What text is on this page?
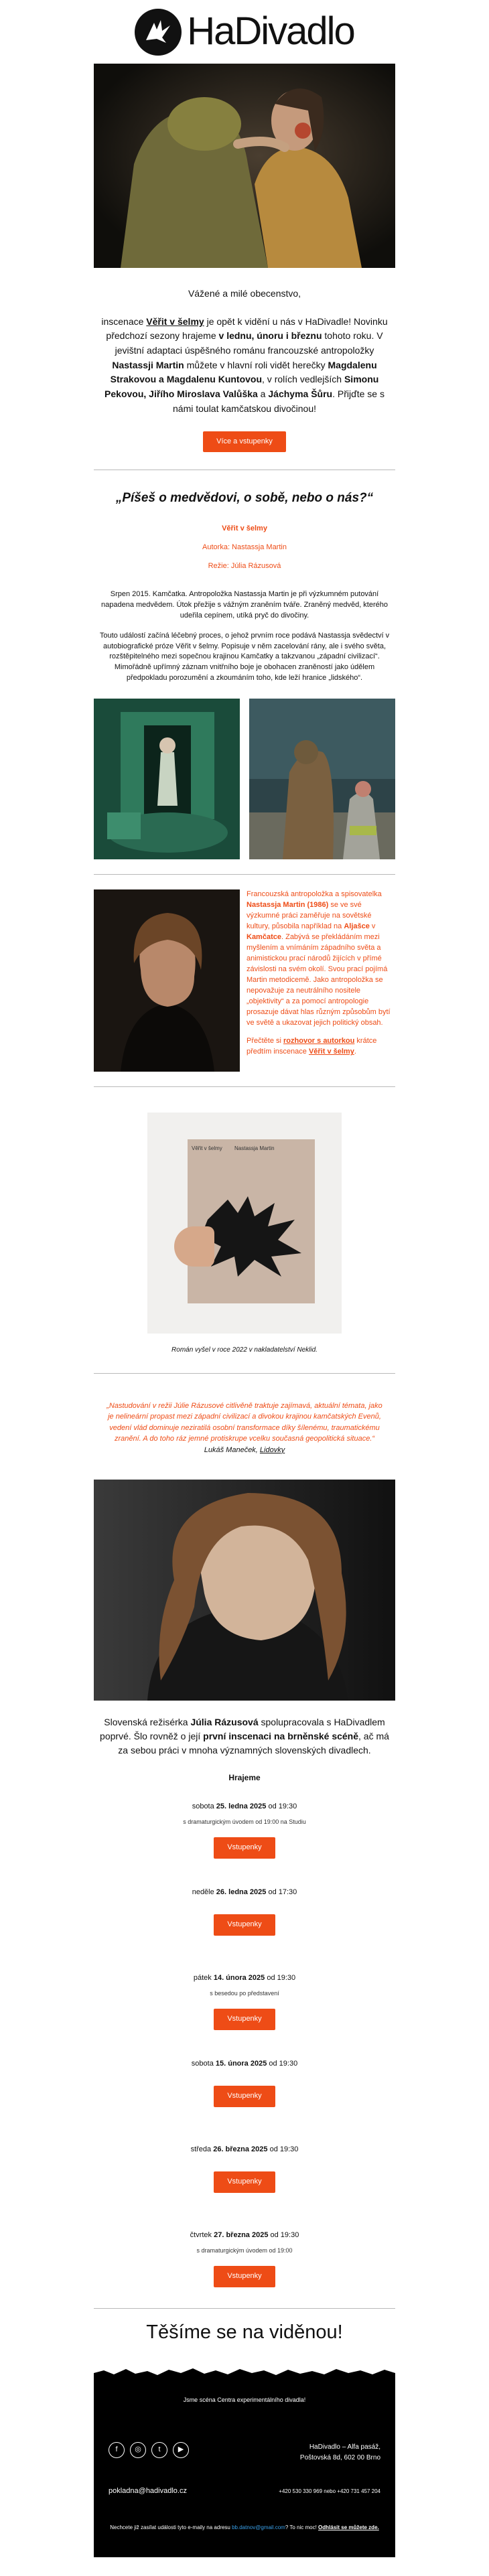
HaDivadlo

Vážené a milé obecenstvo,

inscenace Věřit v šelmy je opět k vidění u nás v HaDivadle! Novinku předchozí sezony hrajeme v lednu, únoru i březnu tohoto roku. V jevištní adaptaci úspěšného románu francouzské antropoložky Nastassji Martin můžete v hlavní roli vidět herečky Magdalenu Strakovou a Magdalenu Kuntovou, v rolích vedlejších Simonu Pekovou, Jiřího Miroslava Valůška a Jáchyma Šůru. Přijďte se s námi toulat kamčatskou divočinou!

Více a vstupenky
„Píšeš o medvědovi, o sobě, nebo o nás?“
Věřit v šelmy
Autorka: Nastassja Martin
Režie: Júlia Rázusová

Srpen 2015. Kamčatka. Antropoložka Nastassja Martin je při výzkumném putování napadena medvědem. Útok přežije s vážným zraněním tváře. Zraněný medvěd, kterého udeřila cepínem, utíká pryč do divočiny.

Touto událostí začíná léčebný proces, o jehož prvním roce podává Nastassja svědectví v autobiografické próze Věřit v šelmy. Popisuje v něm zacelování rány, ale i svého světa, rozštěpitelného mezi sopečnou krajinou Kamčatky a takzvanou „západní civilizací“. Mimořádně upřímný záznam vnitřního boje je obohacen zraněností jako údělem předpokladu porozumění a zkoumáním toho, kde leží hranice „lidského“.

Francouzská antropoložka a spisovatelka Nastassja Martin (1986) se ve své výzkumné práci zaměřuje na sovětské kultury, působila například na Aljašce v Kamčatce. Zabývá se překládáním mezi myšlením a vnímáním západního světa a animistickou prací národů žijících v přímé závislosti na svém okolí. Svou prací pojímá Martin metodicemě. Jako antropoložka se nepovažuje za neutrálního nositele „objektivity“ a za pomocí antropologie prosazuje dávat hlas různým způsobům bytí ve světě a ukazovat jejich politický obsah.

Přečtěte si rozhovor s autorkou krátce předtím inscenace Věřit v šelmy.

Věřit v šelmy Nastassja Martin
Román vyšel v roce 2022 v nakladatelství Neklid.
„Nastudování v režii Júlie Rázusové citlivěně traktuje zajímavá, aktuální témata, jako je nelineární propast mezi západní civilizací a divokou krajinou kamčatských Evenů, vedení vlád dominuje neziratilá osobní transformace díky šílenému, traumatickému zranění. A do toho ráz jemné protiskrupe vcelku současná geopolitická situace.“ Lukáš Maneček, Lidovky
Slovenská režisérka Júlia Rázusová spolupracovala s HaDivadlem poprvé. Šlo rovněž o její první inscenaci na brněnské scéně, ač má za sebou práci v mnoha významných slovenských divadlech.
Hrajeme
sobota 25. ledna 2025 od 19:30
s dramaturgickým úvodem od 19:00 na Studiu
Vstupenky
neděle 26. ledna 2025 od 17:30
Vstupenky
pátek 14. února 2025 od 19:30
s besedou po představení
Vstupenky
sobota 15. února 2025 od 19:30
Vstupenky
středa 26. března 2025 od 19:30
Vstupenky
čtvrtek 27. března 2025 od 19:30
s dramaturgickým úvodem od 19:00
Vstupenky
Těšíme se na viděnou!
Jsme scéna Centra experimentálního divadla!
f ◎ t ▶	HaDivadlo – Alfa pasáž,
Poštovská 8d, 602 00 Brno
pokladna@hadivadlo.cz	+420 530 330 969 nebo +420 731 457 204
Nechcete již zasílat události tyto e-maily na adresu bb.datnov@gmail.com? To nic moc! Odhlásit se můžete zde.
